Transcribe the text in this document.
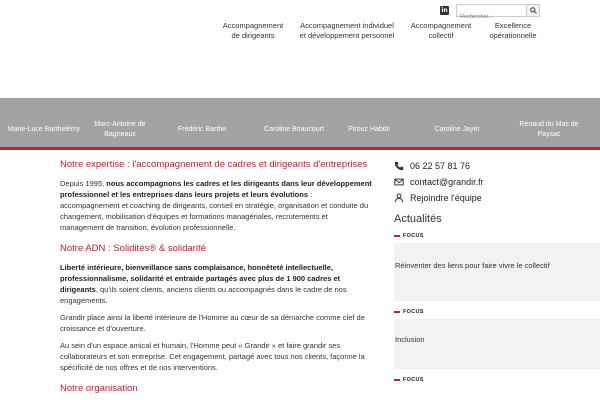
in
Rechercher...
Accompagnement
de dirigeants
Accompagnement individuel
et développement personnel
Accompagnement
collectif
Excellence
opérationnelle
Marie-Luce Barthelémy
Marc-Antoine de
Bagneaux
Frédéric Barthe	Caroline Briaucourt	Pirouz Habibi	Caroline Jayet
Renaud du Mas de
Paysac
Notre expertise : l'accompagnement de cadres et dirigeants d'entreprises
Depuis 1995, nous accompagnons les cadres et les dirigeants dans leur développement professionnel et les entreprises dans leurs projets et leurs évolutions : accompagnement et coaching de dirigeants, conseil en stratégie, organisation et conduite du changement, mobilisation d'équipes et formations managériales, recrutements et management de transition, évolution professionnelle.
Notre ADN : Solidités® & solidarité
Liberté intérieure, bienveillance sans complaisance, honnêteté intellectuelle, professionnalisme, solidarité et entraide partagés avec plus de 1 900 cadres et dirigeants, qu'ils soient clients, anciens clients ou accompagnés dans le cadre de nos engagements.
Grandir place ainsi la liberté intérieure de l'Homme au cœur de sa démarche comme clef de croissance et d'ouverture.
Au sein d'un espace amical et humain, l'Homme peut « Grandir » et faire grandir ses collaborateurs et son entreprise. Cet engagement, partagé avec tous nos clients, façonne la spécificité de nos offres et de nos interventions.
Notre organisation
06 22 57 81 76
contact@grandir.fr
Rejoindre l'équipe
Actualités
FOCUS
Réinventer des liens pour faire vivre le collectif
FOCUS
Inclusion
FOCUS
